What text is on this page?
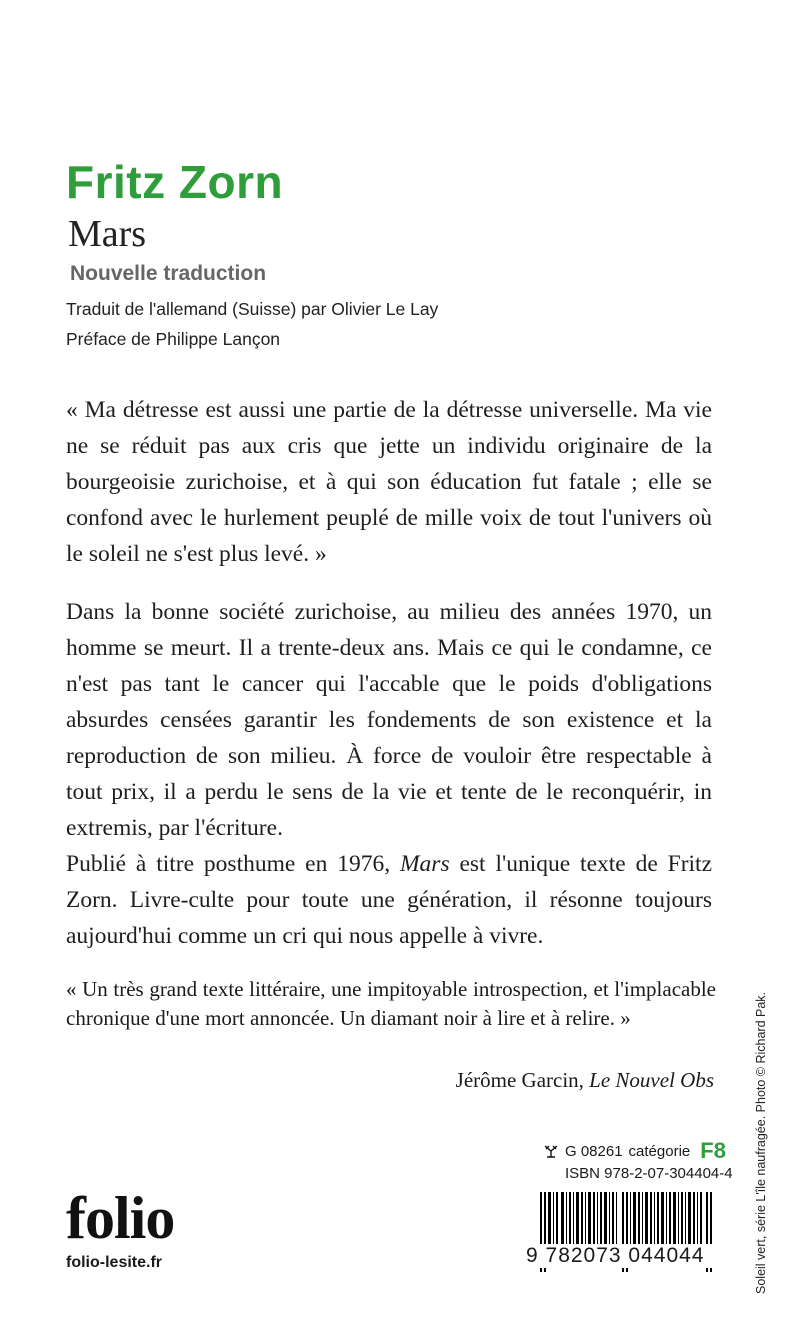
Fritz Zorn
Mars
Nouvelle traduction
Traduit de l'allemand (Suisse) par Olivier Le Lay
Préface de Philippe Lançon

« Ma détresse est aussi une partie de la détresse universelle. Ma vie ne se réduit pas aux cris que jette un individu originaire de la bourgeoisie zurichoise, et à qui son éducation fut fatale ; elle se confond avec le hurlement peuplé de mille voix de tout l'univers où le soleil ne s'est plus levé. »

Dans la bonne société zurichoise, au milieu des années 1970, un homme se meurt. Il a trente-deux ans. Mais ce qui le condamne, ce n'est pas tant le cancer qui l'accable que le poids d'obligations absurdes censées garantir les fondements de son existence et la reproduction de son milieu. À force de vouloir être respectable à tout prix, il a perdu le sens de la vie et tente de le reconquérir, in extremis, par l'écriture.

Publié à titre posthume en 1976, Mars est l'unique texte de Fritz Zorn. Livre-culte pour toute une génération, il résonne toujours aujourd'hui comme un cri qui nous appelle à vivre.

« Un très grand texte littéraire, une impitoyable introspection, et l'implacable chronique d'une mort annoncée. Un diamant noir à lire et à relire. »
Jérôme Garcin, Le Nouvel Obs	Soleil vert, série L'île naufragée. Photo © Richard Pak.
folio
folio-lesite.fr
G 08261 catégorie F8
ISBN 978-2-07-304404-4
9 782073 044044
